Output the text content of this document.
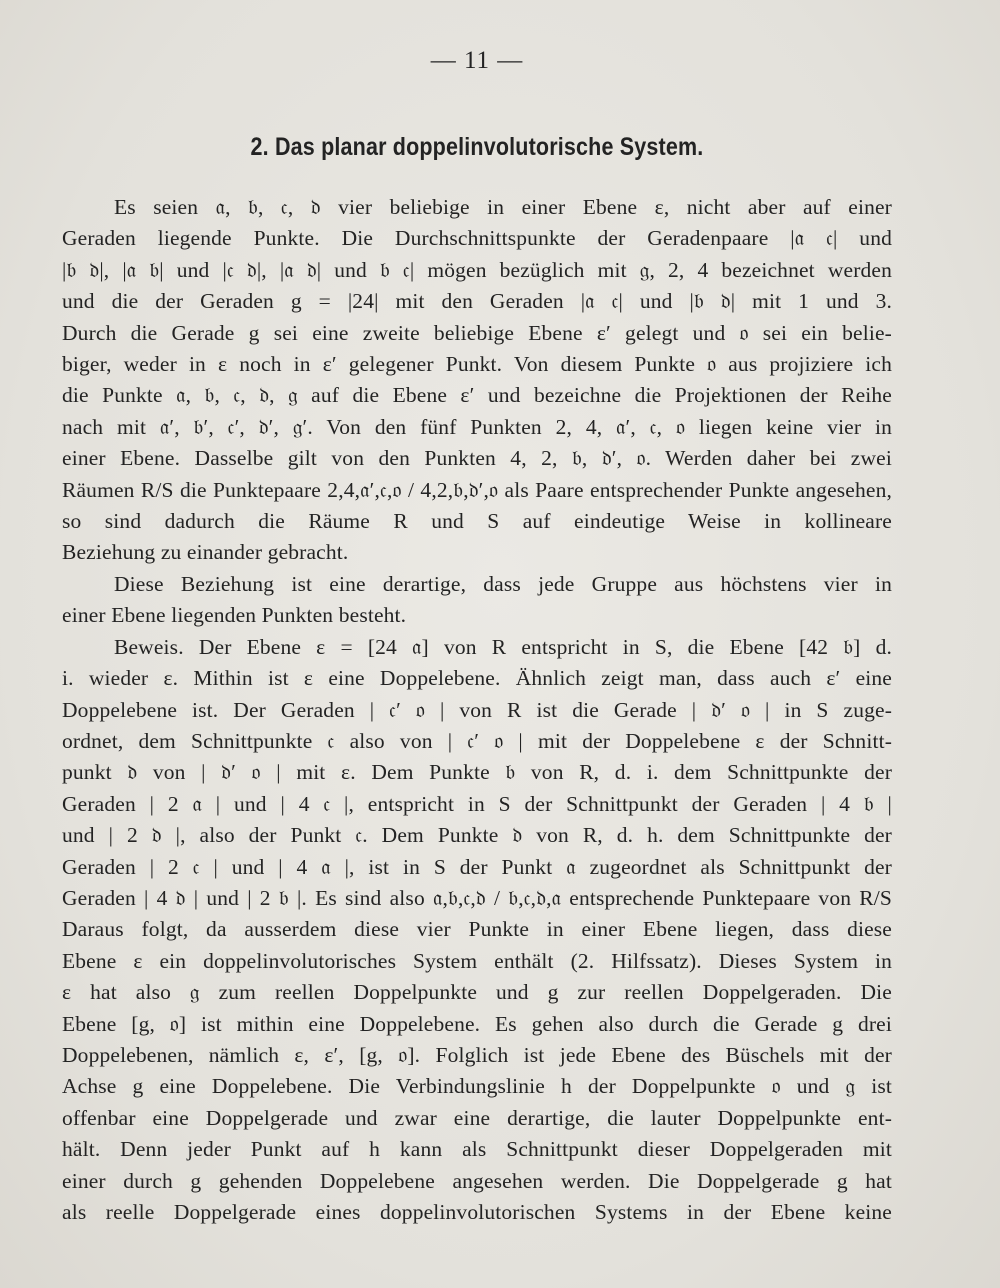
— 11 —
2. Das planar doppelinvolutorische System.
Es seien 𝔞, 𝔟, 𝔠, 𝔡 vier beliebige in einer Ebene ε, nicht aber auf einer
Geraden liegende Punkte. Die Durchschnittspunkte der Geradenpaare |𝔞 𝔠| und
|𝔟 𝔡|, |𝔞 𝔟| und |𝔠 𝔡|, |𝔞 𝔡| und 𝔟 𝔠| mögen bezüglich mit 𝔤, 2, 4 bezeichnet werden
und die der Geraden g = |24| mit den Geraden |𝔞 𝔠| und |𝔟 𝔡| mit 1 und 3.
Durch die Gerade g sei eine zweite beliebige Ebene ε′ gelegt und 𝔬 sei ein belie-
biger, weder in ε noch in ε′ gelegener Punkt. Von diesem Punkte 𝔬 aus projiziere ich
die Punkte 𝔞, 𝔟, 𝔠, 𝔡, 𝔤 auf die Ebene ε′ und bezeichne die Projektionen der Reihe
nach mit 𝔞′, 𝔟′, 𝔠′, 𝔡′, 𝔤′. Von den fünf Punkten 2, 4, 𝔞′, 𝔠, 𝔬 liegen keine vier in
einer Ebene. Dasselbe gilt von den Punkten 4, 2, 𝔟, 𝔡′, 𝔬. Werden daher bei zwei
Räumen R/S die Punktepaare 2,4,𝔞′,𝔠,𝔬 / 4,2,𝔟,𝔡′,𝔬 als Paare entsprechender Punkte angesehen,
so sind dadurch die Räume R und S auf eindeutige Weise in kollineare
Beziehung zu einander gebracht.
Diese Beziehung ist eine derartige, dass jede Gruppe aus höchstens vier in
einer Ebene liegenden Punkten besteht.
Beweis. Der Ebene ε = [24 𝔞] von R entspricht in S, die Ebene [42 𝔟] d.
i. wieder ε. Mithin ist ε eine Doppelebene. Ähnlich zeigt man, dass auch ε′ eine
Doppelebene ist. Der Geraden | 𝔠′ 𝔬 | von R ist die Gerade | 𝔡′ 𝔬 | in S zuge-
ordnet, dem Schnittpunkte 𝔠 also von | 𝔠′ 𝔬 | mit der Doppelebene ε der Schnitt-
punkt 𝔡 von | 𝔡′ 𝔬 | mit ε. Dem Punkte 𝔟 von R, d. i. dem Schnittpunkte der
Geraden | 2 𝔞 | und | 4 𝔠 |, entspricht in S der Schnittpunkt der Geraden | 4 𝔟 |
und | 2 𝔡 |, also der Punkt 𝔠. Dem Punkte 𝔡 von R, d. h. dem Schnittpunkte der
Geraden | 2 𝔠 | und | 4 𝔞 |, ist in S der Punkt 𝔞 zugeordnet als Schnittpunkt der
Geraden | 4 𝔡 | und | 2 𝔟 |. Es sind also 𝔞,𝔟,𝔠,𝔡 / 𝔟,𝔠,𝔡,𝔞 entsprechende Punktepaare von R/S
Daraus folgt, da ausserdem diese vier Punkte in einer Ebene liegen, dass diese
Ebene ε ein doppelinvolutorisches System enthält (2. Hilfssatz). Dieses System in
ε hat also 𝔤 zum reellen Doppelpunkte und g zur reellen Doppelgeraden. Die
Ebene [g, 𝔬] ist mithin eine Doppelebene. Es gehen also durch die Gerade g drei
Doppelebenen, nämlich ε, ε′, [g, 𝔬]. Folglich ist jede Ebene des Büschels mit der
Achse g eine Doppelebene. Die Verbindungslinie h der Doppelpunkte 𝔬 und 𝔤 ist
offenbar eine Doppelgerade und zwar eine derartige, die lauter Doppelpunkte ent-
hält. Denn jeder Punkt auf h kann als Schnittpunkt dieser Doppelgeraden mit
einer durch g gehenden Doppelebene angesehen werden. Die Doppelgerade g hat
als reelle Doppelgerade eines doppelinvolutorischen Systems in der Ebene keine
